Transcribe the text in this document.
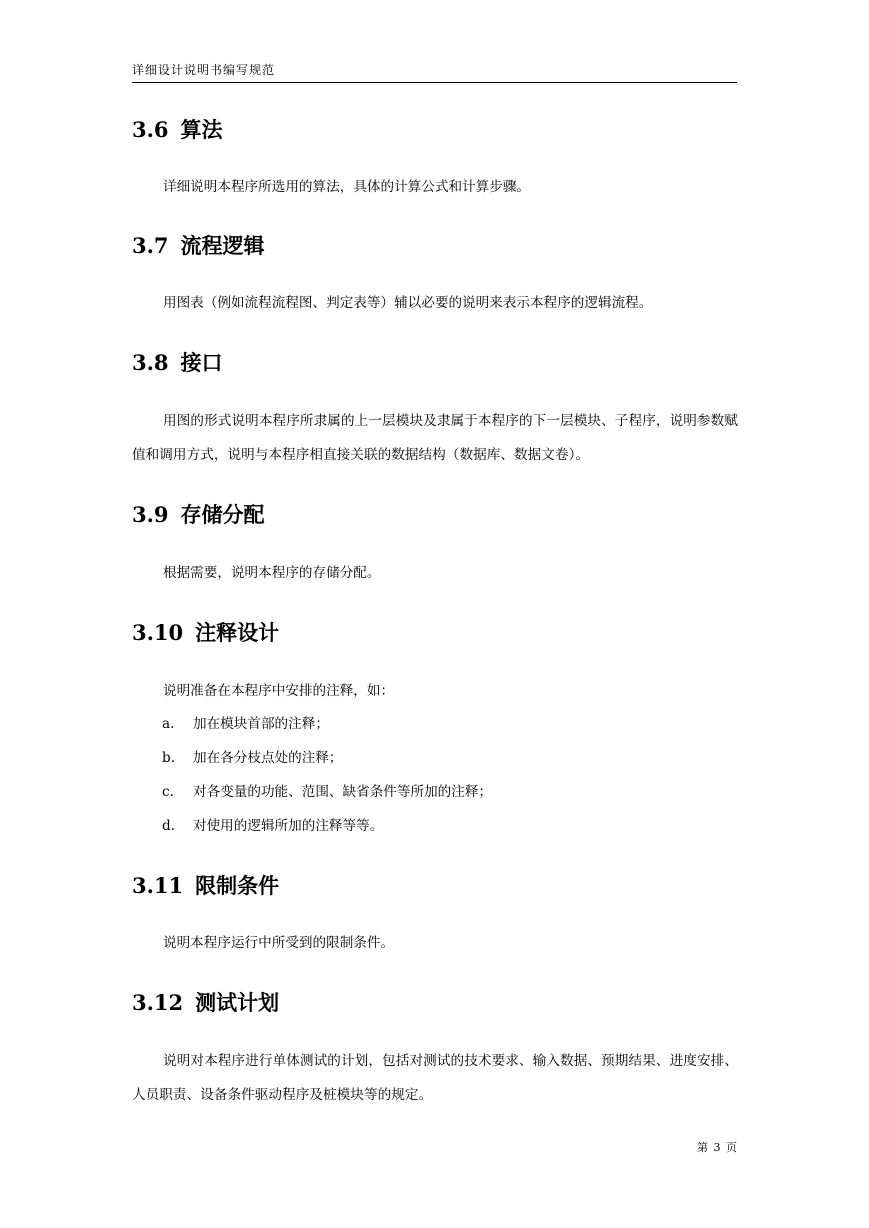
详细设计说明书编写规范
3.6 算法

详细说明本程序所选用的算法，具体的计算公式和计算步骤。

3.7 流程逻辑

用图表（例如流程流程图、判定表等）辅以必要的说明来表示本程序的逻辑流程。

3.8 接口

用图的形式说明本程序所隶属的上一层模块及隶属于本程序的下一层模块、子程序，说明参数赋值和调用方式，说明与本程序相直接关联的数据结构（数据库、数据文卷）。

3.9 存储分配

根据需要，说明本程序的存储分配。

3.10 注释设计

说明准备在本程序中安排的注释，如：

a. 加在模块首部的注释；
b. 加在各分枝点处的注释；
c. 对各变量的功能、范围、缺省条件等所加的注释；
d. 对使用的逻辑所加的注释等等。
3.11 限制条件

说明本程序运行中所受到的限制条件。

3.12 测试计划

说明对本程序进行单体测试的计划，包括对测试的技术要求、输入数据、预期结果、进度安排、人员职责、设备条件驱动程序及桩模块等的规定。

第 3 页
